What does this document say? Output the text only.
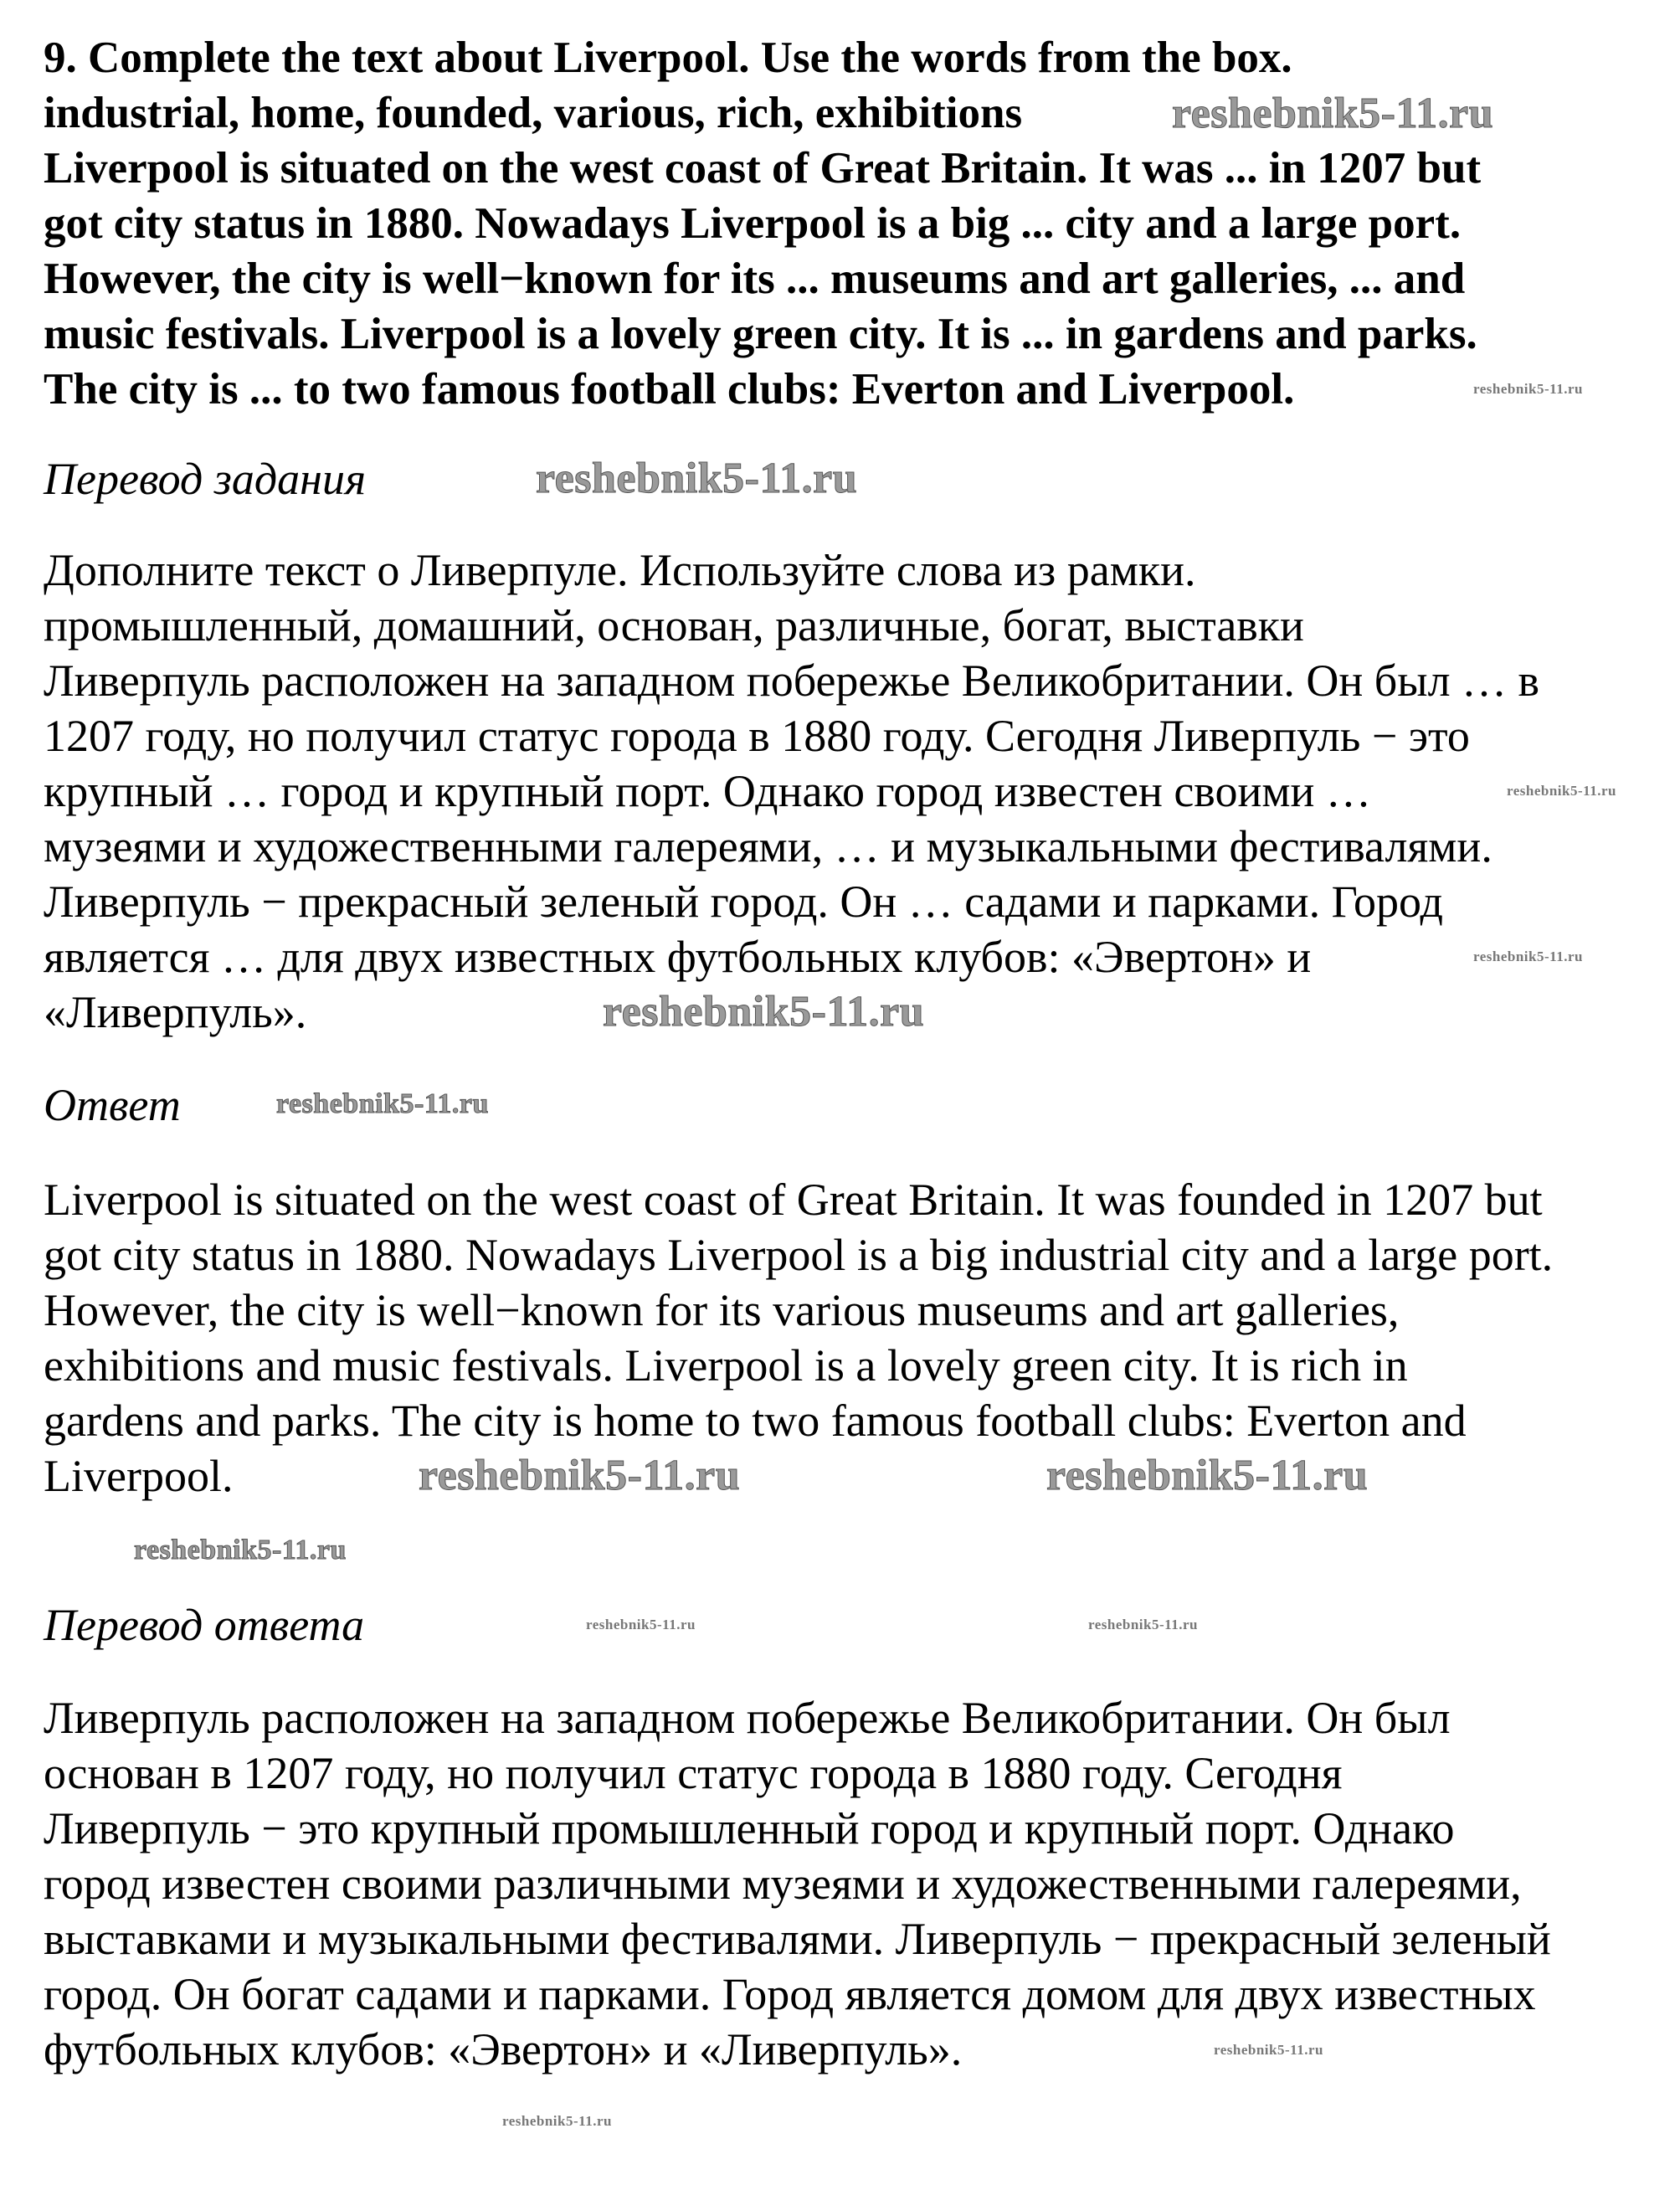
9. Complete the text about Liverpool. Use the words from the box.
industrial, home, founded, various, rich, exhibitions
Liverpool is situated on the west coast of Great Britain. It was ... in 1207 but
got city status in 1880. Nowadays Liverpool is a big ... city and a large port.
However, the city is well−known for its ... museums and art galleries, ... and
music festivals. Liverpool is a lovely green city. It is ... in gardens and parks.
The city is ... to two famous football clubs: Everton and Liverpool.
Перевод задания
Дополните текст о Ливерпуле. Используйте слова из рамки.
промышленный, домашний, основан, различные, богат, выставки
Ливерпуль расположен на западном побережье Великобритании. Он был … в
1207 году, но получил статус города в 1880 году. Сегодня Ливерпуль − это
крупный … город и крупный порт. Однако город известен своими …
музеями и художественными галереями, … и музыкальными фестивалями.
Ливерпуль − прекрасный зеленый город. Он … садами и парками. Город
является … для двух известных футбольных клубов: «Эвертон» и
«Ливерпуль».
Ответ
Liverpool is situated on the west coast of Great Britain. It was founded in 1207 but
got city status in 1880. Nowadays Liverpool is a big industrial city and a large port.
However, the city is well−known for its various museums and art galleries,
exhibitions and music festivals. Liverpool is a lovely green city. It is rich in
gardens and parks. The city is home to two famous football clubs: Everton and
Liverpool.
Перевод ответа
Ливерпуль расположен на западном побережье Великобритании. Он был
основан в 1207 году, но получил статус города в 1880 году. Сегодня
Ливерпуль − это крупный промышленный город и крупный порт. Однако
город известен своими различными музеями и художественными галереями,
выставками и музыкальными фестивалями. Ливерпуль − прекрасный зеленый
город. Он богат садами и парками. Город является домом для двух известных
футбольных клубов: «Эвертон» и «Ливерпуль».
reshebnik5-11.ru
reshebnik5-11.ru
reshebnik5-11.ru
reshebnik5-11.ru
reshebnik5-11.ru	reshebnik5-11.ru
reshebnik5-11.ru
reshebnik5-11.ru
reshebnik5-11.ru
reshebnik5-11.ru
reshebnik5-11.ru	reshebnik5-11.ru
reshebnik5-11.ru
reshebnik5-11.ru
